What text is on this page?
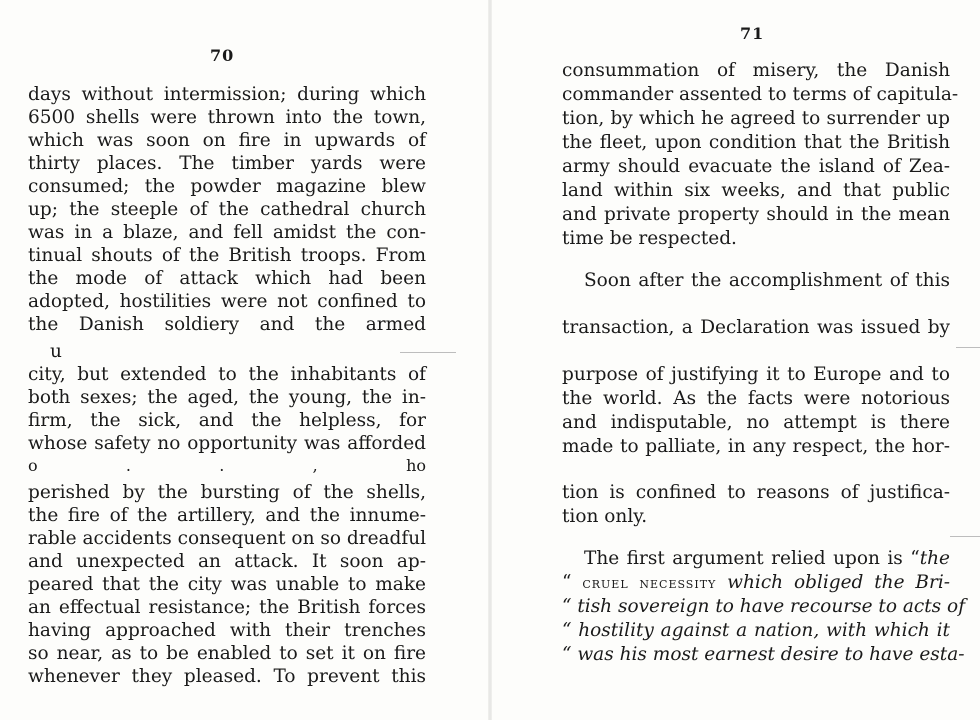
70

days without intermission; during which

6500 shells were thrown into the town,

which was soon on fire in upwards of

thirty places. The timber yards were

consumed; the powder magazine blew

up; the steeple of the cathedral church

was in a blaze, and fell amidst the con-

tinual shouts of the British troops. From

the mode of attack which had been

adopted, hostilities were not confined to

the Danish soldiery and the armed

u

city, but extended to the inhabitants of

both sexes; the aged, the young, the in-

firm, the sick, and the helpless, for

whose safety no opportunity was afforded

o . . , ho

perished by the bursting of the shells,

the fire of the artillery, and the innume-

rable accidents consequent on so dreadful

and unexpected an attack. It soon ap-

peared that the city was unable to make

an effectual resistance; the British forces

having approached with their trenches

so near, as to be enabled to set it on fire

whenever they pleased. To prevent this

71

consummation of misery, the Danish

commander assented to terms of capitula-

tion, by which he agreed to surrender up

the fleet, upon condition that the British

army should evacuate the island of Zea-

land within six weeks, and that public

and private property should in the mean

time be respected.

Soon after the accomplishment of this

transaction, a Declaration was issued by

purpose of justifying it to Europe and to

the world. As the facts were notorious

and indisputable, no attempt is there

made to palliate, in any respect, the hor-

tion is confined to reasons of justifica-

tion only.

The first argument relied upon is “the

“ cruel necessity which obliged the Bri-

“ tish sovereign to have recourse to acts of

“ hostility against a nation, with which it

“ was his most earnest desire to have esta-
